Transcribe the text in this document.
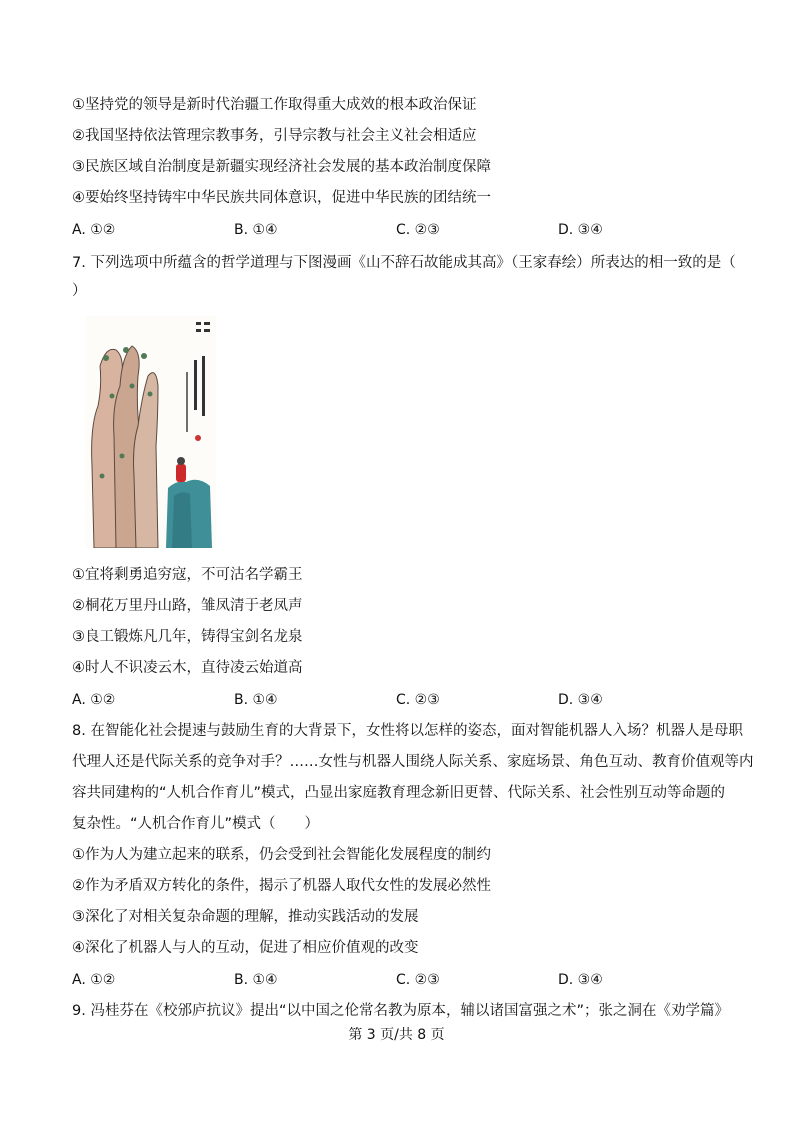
①坚持党的领导是新时代治疆工作取得重大成效的根本政治保证
②我国坚持依法管理宗教事务，引导宗教与社会主义社会相适应
③民族区域自治制度是新疆实现经济社会发展的基本政治制度保障
④要始终坚持铸牢中华民族共同体意识，促进中华民族的团结统一
A. ①②	B. ①④	C. ②③	D. ③④
7. 下列选项中所蕴含的哲学道理与下图漫画《山不辞石故能成其高》（王家春绘）所表达的相一致的是（
）
①宜将剩勇追穷寇，不可沽名学霸王
②桐花万里丹山路，雏凤清于老凤声
③良工锻炼凡几年，铸得宝剑名龙泉
④时人不识凌云木，直待凌云始道高
A. ①②	B. ①④	C. ②③	D. ③④
8. 在智能化社会提速与鼓励生育的大背景下，女性将以怎样的姿态，面对智能机器人入场？机器人是母职
代理人还是代际关系的竞争对手？……女性与机器人围绕人际关系、家庭场景、角色互动、教育价值观等内
容共同建构的“人机合作育儿”模式，凸显出家庭教育理念新旧更替、代际关系、社会性别互动等命题的
复杂性。“人机合作育儿”模式（　　）
①作为人为建立起来的联系，仍会受到社会智能化发展程度的制约
②作为矛盾双方转化的条件，揭示了机器人取代女性的发展必然性
③深化了对相关复杂命题的理解，推动实践活动的发展
④深化了机器人与人的互动，促进了相应价值观的改变
A. ①②	B. ①④	C. ②③	D. ③④
9. 冯桂芬在《校邠庐抗议》提出“以中国之伦常名教为原本，辅以诸国富强之术”；张之洞在《劝学篇》
第 3 页/共 8 页
